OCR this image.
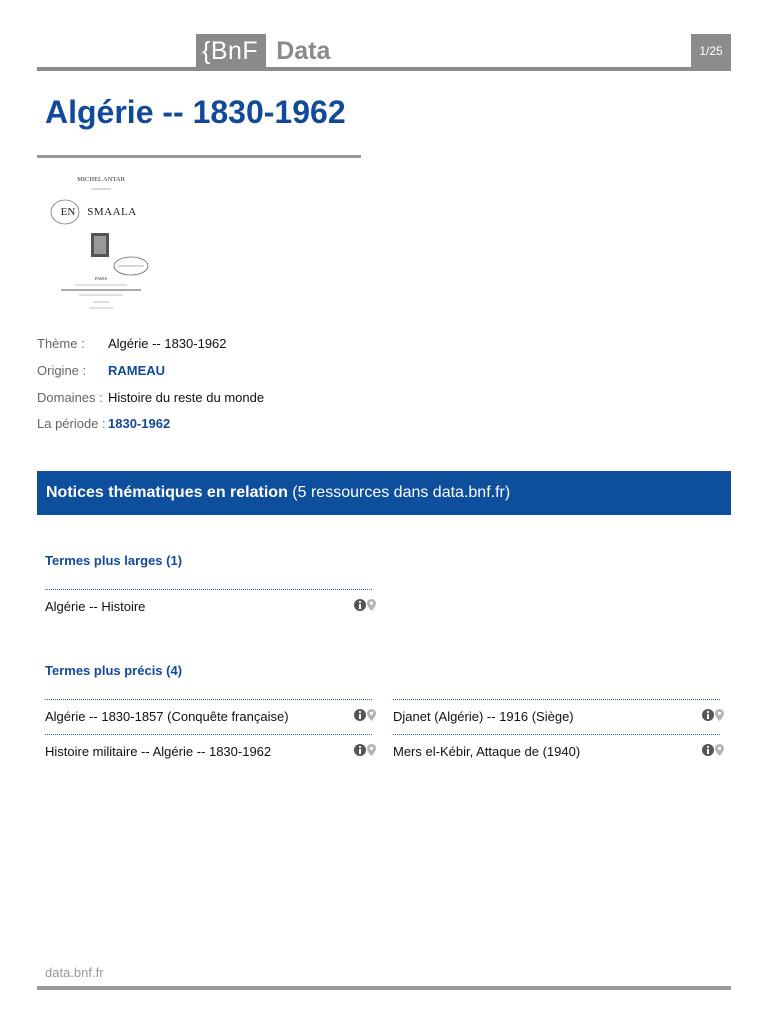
{BnF Data	1/25
Algérie -- 1830-1962
MICHEL ANTAR
EN SMAALA
PARIS
Thème : Algérie -- 1830-1962
Origine : RAMEAU
Domaines : Histoire du reste du monde
La période : 1830-1962
Notices thématiques en relation (5 ressources dans data.bnf.fr)
Termes plus larges (1)
Algérie -- Histoire
Termes plus précis (4)
Algérie -- 1830-1857 (Conquête française)	Djanet (Algérie) -- 1916 (Siège)
Histoire militaire -- Algérie -- 1830-1962	Mers el-Kébir, Attaque de (1940)
data.bnf.fr
